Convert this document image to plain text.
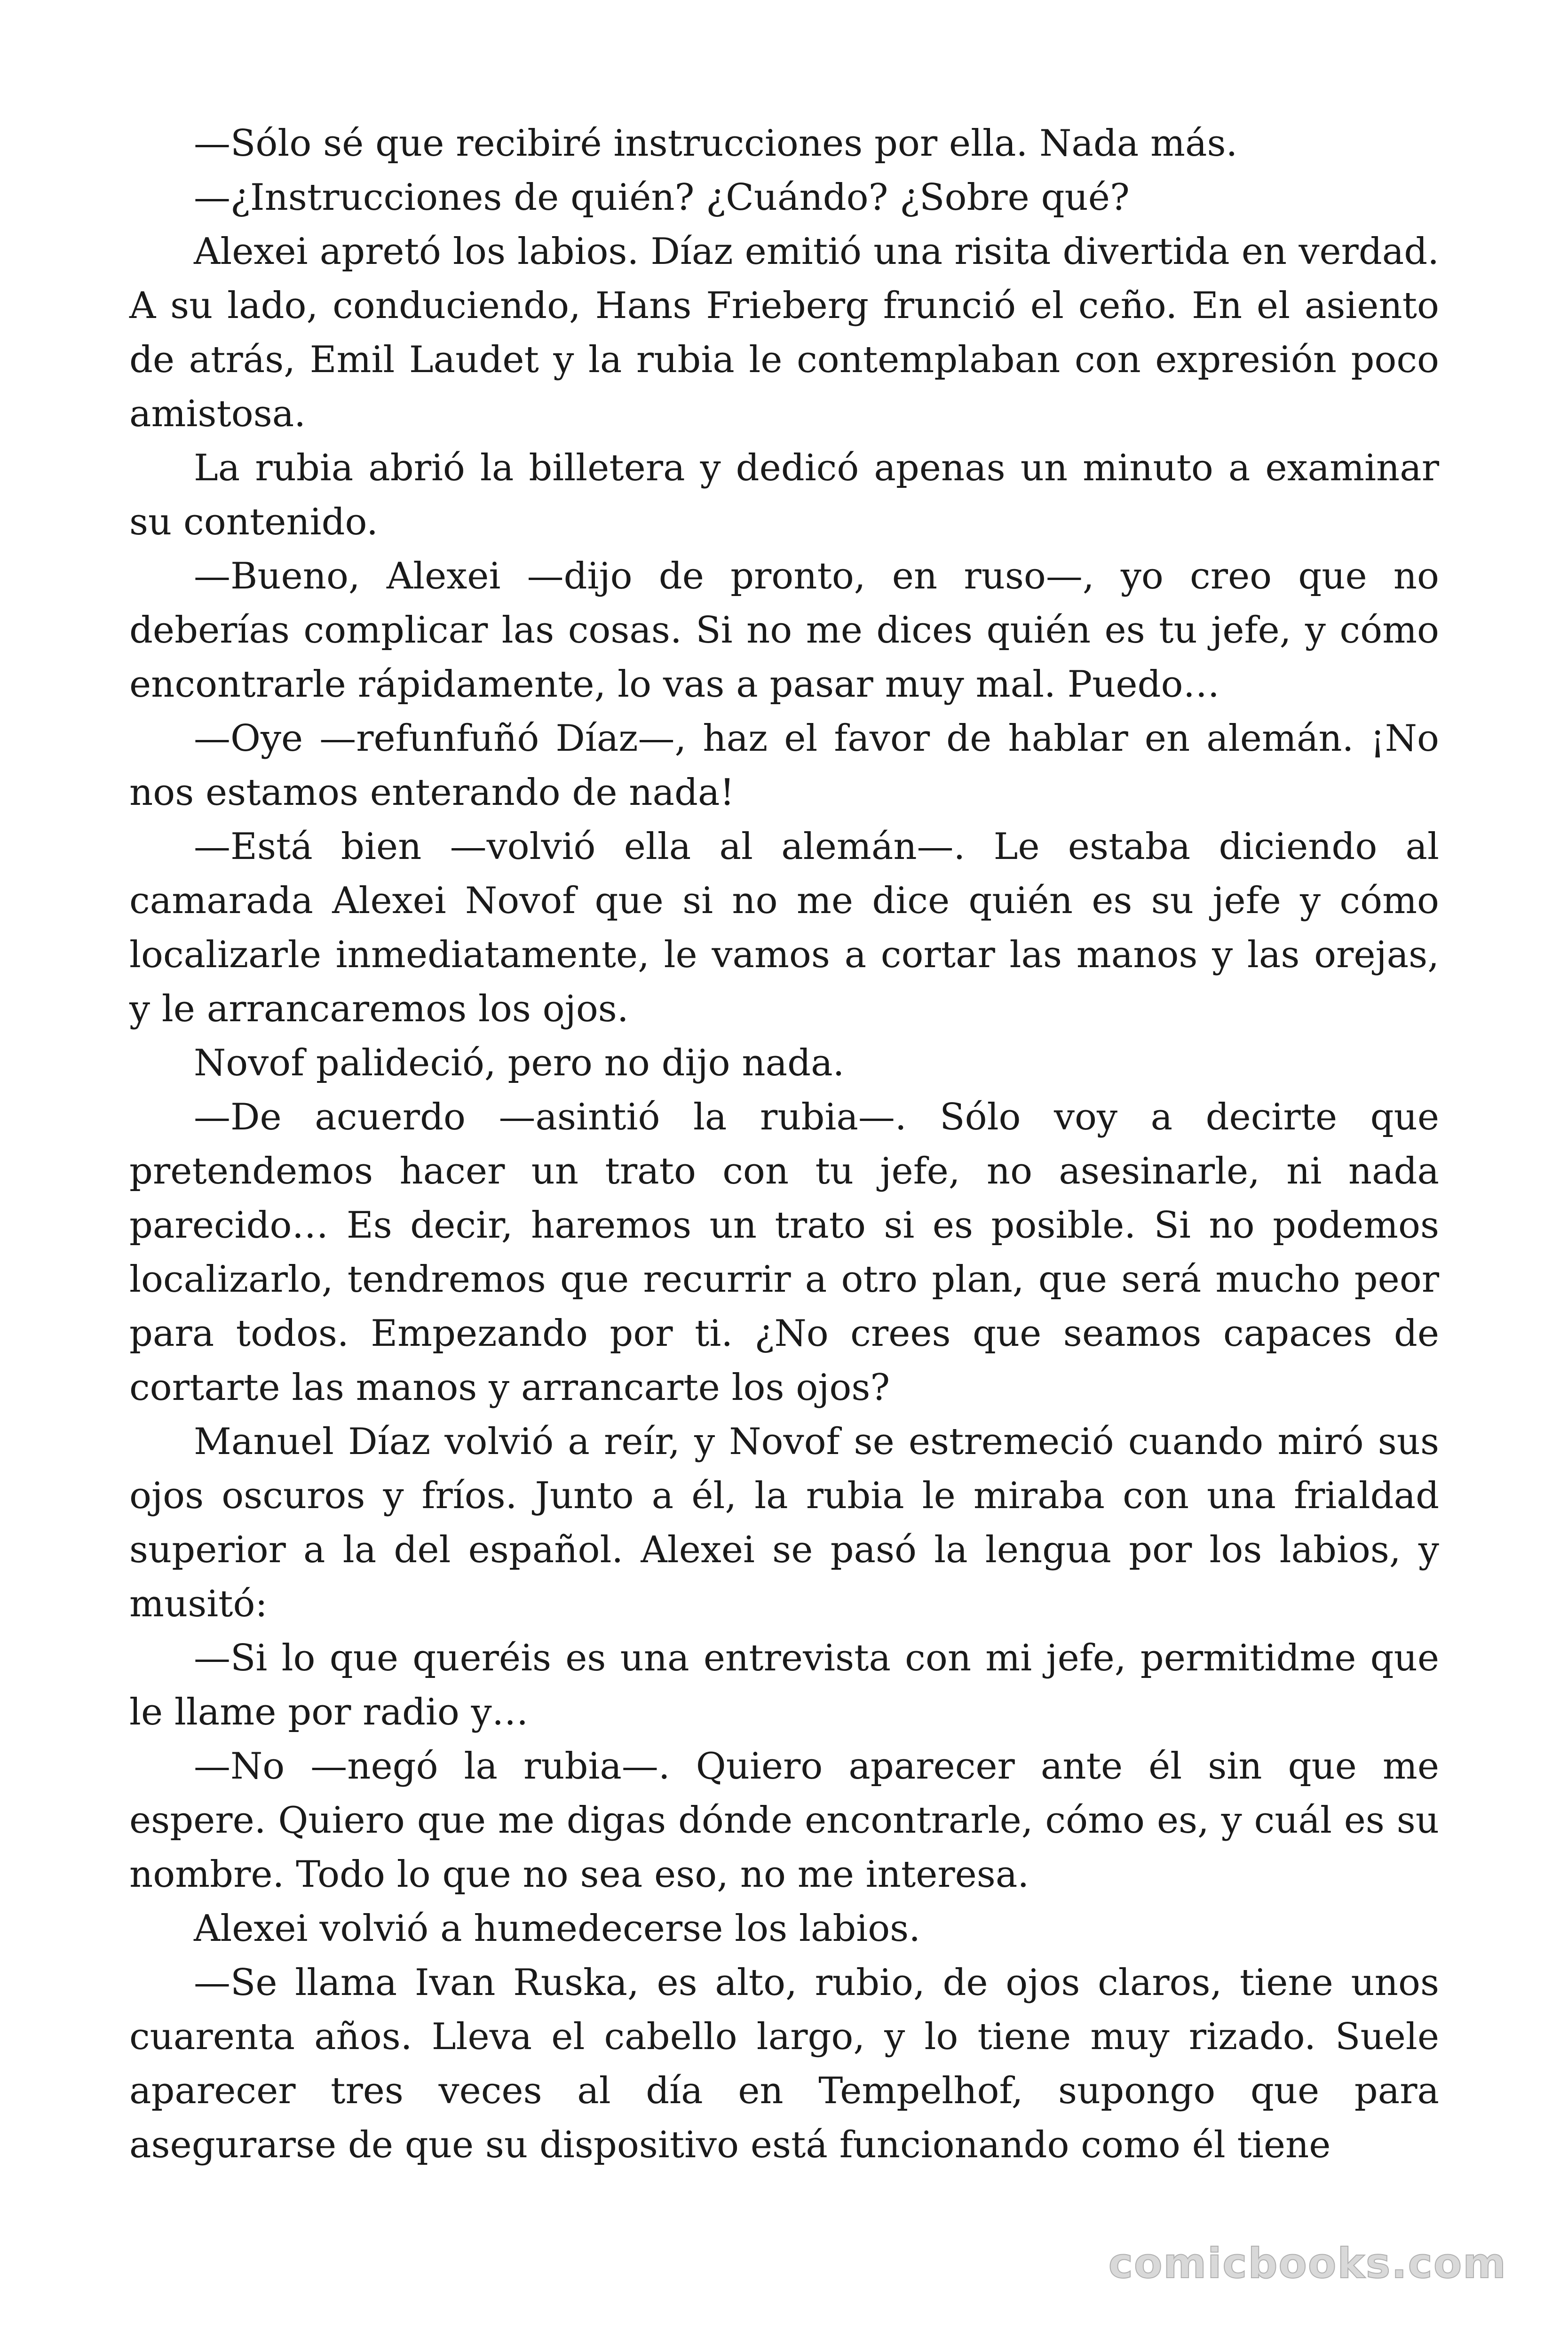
—Sólo sé que recibiré instrucciones por ella. Nada más.

—¿Instrucciones de quién? ¿Cuándo? ¿Sobre qué?

Alexei apretó los labios. Díaz emitió una risita divertida en verdad. A su lado, conduciendo, Hans Frieberg frunció el ceño. En el asiento de atrás, Emil Laudet y la rubia le contemplaban con expresión poco amistosa.

La rubia abrió la billetera y dedicó apenas un minuto a examinar su contenido.

—Bueno, Alexei —dijo de pronto, en ruso—, yo creo que no deberías complicar las cosas. Si no me dices quién es tu jefe, y cómo encontrarle rápidamente, lo vas a pasar muy mal. Puedo…

—Oye —refunfuñó Díaz—, haz el favor de hablar en alemán. ¡No nos estamos enterando de nada!

—Está bien —volvió ella al alemán—. Le estaba diciendo al camarada Alexei Novof que si no me dice quién es su jefe y cómo localizarle inmediatamente, le vamos a cortar las manos y las orejas, y le arrancaremos los ojos.

Novof palideció, pero no dijo nada.

—De acuerdo —asintió la rubia—. Sólo voy a decirte que pretendemos hacer un trato con tu jefe, no asesinarle, ni nada parecido… Es decir, haremos un trato si es posible. Si no podemos localizarlo, tendremos que recurrir a otro plan, que será mucho peor para todos. Empezando por ti. ¿No crees que seamos capaces de cortarte las manos y arrancarte los ojos?

Manuel Díaz volvió a reír, y Novof se estremeció cuando miró sus ojos oscuros y fríos. Junto a él, la rubia le miraba con una frialdad superior a la del español. Alexei se pasó la lengua por los labios, y musitó:

—Si lo que queréis es una entrevista con mi jefe, permitidme que le llame por radio y…

—No —negó la rubia—. Quiero aparecer ante él sin que me espere. Quiero que me digas dónde encontrarle, cómo es, y cuál es su nombre. Todo lo que no sea eso, no me interesa.

Alexei volvió a humedecerse los labios.

—Se llama Ivan Ruska, es alto, rubio, de ojos claros, tiene unos cuarenta años. Lleva el cabello largo, y lo tiene muy rizado. Suele aparecer tres veces al día en Tempelhof, supongo que para asegurarse de que su dispositivo está funcionando como él tiene

comicbooks.com
